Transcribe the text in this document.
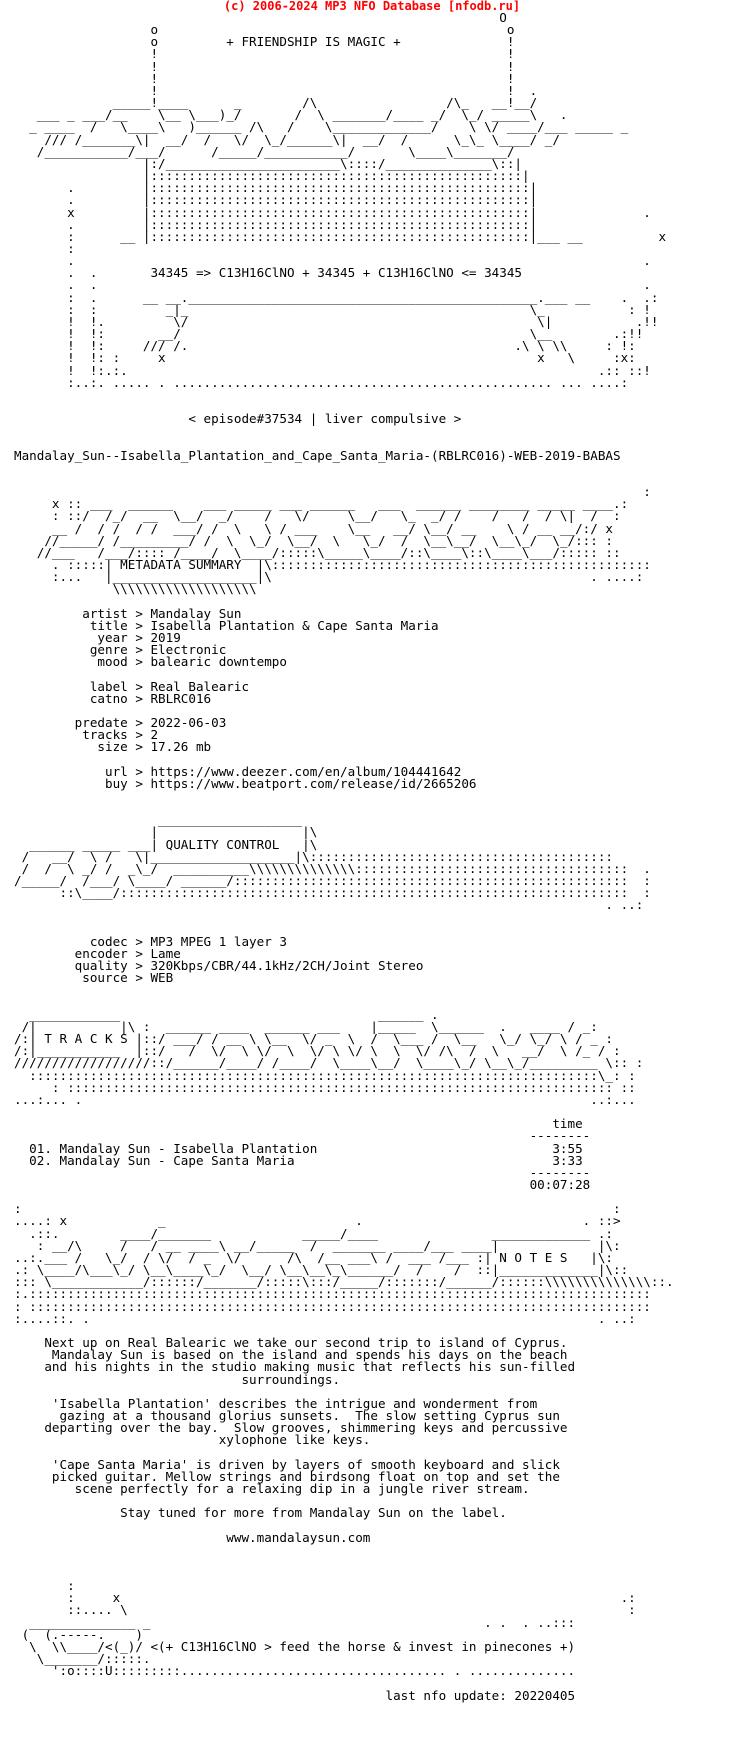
(c) 2006-2024 MP3 NFO Database [nfodb.ru]
O
o                                              o
o         + FRIENDSHIP IS MAGIC +              !
!                                              !
!                                              !
!                                              !
!                                              !  .
_____!____      _        /\                 /\_   __!__/
___ _ ___/__    \__ \___)_/       /  \ _______/____ _/  \_/ _____\   .
_ ____  /   \____\   )______ /\   /    \_____________/    \ \/ ____/___ _____ _
/// /_______\|  __/  /   \/  \_/______\|  __/  /      \_\_ \____/ _/
/___________/___/      /_____/___________/       \____\_______/
|:/_______________________\::::/______________\::|
|:::::::::::::::::::::::::::::::::::::::::::::::::|
.         |::::::::::::::::::::::::::::::::::::::::::::::::::|
.         |::::::::::::::::::::::::::::::::::::::::::::::::::|
x         |::::::::::::::::::::::::::::::::::::::::::::::::::|              .
.         |::::::::::::::::::::::::::::::::::::::::::::::::::|
:      __ |::::::::::::::::::::::::::::::::::::::::::::::::::|___ __          x
:
.                                                                           .
.  .       34345 => C13H16ClNO + 34345 + C13H16ClNO <= 34345
.  .                                                                        .
:  .      __ __.______________________________________________.___ __    .  .:
:  :         _|_                                             \_           : !
!  !.         \/                                              \|           .!!
!  !:       __/                                              \__        .:!!
!  !:     /// /.                                           .\ \ \\     : !:
!  !: :     x                                                 x   \     :x:
!  !:.:.                                                              .:: ::!
:..:. ..... . .................................................. ... ....:

< episode#37534 | liver compulsive >

Mandalay_Sun--Isabella_Plantation_and_Cape_Santa_Maria-(RBLRC016)-WEB-2019-BABAS

:
x :: ___  ______    ___ _____ ___ ______   ___  ______ ________ _____ ____.:
: ::/  /_/  __  \__/  _/    /   \/     \__/   \_  _/ /    /   /  / \|  /  :
__ /  / /  / /  ___/ /  \   \ / ___    \__   __/ \__/ __    \ / __ __/:/ x
//_____/ /_________/ /  \  \_/  \__/  \   \_/  /  \__\__/  \__\_/  \_/::: :
//___   /___/:::: /____/  \____/:::::\_____\____/::\____\::\____\___/::::: ::
. :::::| METADATA SUMMARY  |\::::::::::::::::::::::::::::::::::::::::::::::::::
:...   |___________________|\                                          . ....:
\\\\\\\\\\\\\\\\\\\

artist > Mandalay Sun
title > Isabella Plantation & Cape Santa Maria
year > 2019
genre > Electronic
mood > balearic downtempo

label > Real Balearic
catno > RBLRC016

predate > 2022-06-03
tracks > 2
size > 17.26 mb

url > https://www.deezer.com/en/album/104441642
buy > https://www.beatport.com/release/id/2665206

___________________
|                   |\
______ _____ ___| QUALITY CONTROL   |\
/   __/  \ /   \|___________________|\::::::::::::::::::::::::::::::::::::::::
/  /  \ _/ /  _\_/  __________\\\\\\\\\\\\\\::::::::::::::::::::::::::::::::::::  .
/_____/  /___/ \____/ ______/::::::::::::::::::::::::::::::::::::::::::::::::::::  :
::\____/:::::::::::::::::::::::::::::::::::::::::::::::::::::::::::::::::::  :
. ..:

codec > MP3 MPEG 1 layer 3
encoder > Lame
quality > 320Kbps/CBR/44.1kHz/2CH/Joint Stereo
source > WEB

____________                                  ______ .
/|           |\ :  ______ ____  ______ ___    |_____  \______  .   ____ / _:
/:| T R A C K S |::/ ___/ / __ \ \__  \/ _  \  /  \___ /  \__   \_/ \_/ \ / _ :
/:|___________  |::/   /  \/  \ \/  \  \/ \ \/ \  \  \/ /\  /  \   __/  \ /_ / :
//////////////////::/______/____/ /____/  \____\__/  \____\_/ \__\_/_________ \:: :
:::::::::::::::::::::::::::::::::::::::::::::::::::::::::::::::::::::::::::\_: :
: :::::::::::::::::::::::::::::::::::::::::::::::::::::::::::::::::::::::: ::
...:... .                                                                   ..:...

time
--------
01. Mandalay Sun - Isabella Plantation                               3:55
02. Mandalay Sun - Cape Santa Maria                                  3:33
--------
00:07:28

:                                                                              :
....: x            _                         .                             . ::>
.::.        ____/_______            _____/____               _____________ .:
: __/\     /   / __ ____\ __/_____  /  _______ ____/___ ____|             |\:
..:.___ /   \_/  / \/  / _  \/      /\  /__ ___\ /  ___ /___ :| N O T E S   |\:
.: \____/\___\_/ \__\____\_/  \__/ \__\__\_\______/  /    /  ::|_____________|\::
::: \____________/::::::/_______/:::::\:::/_____/:::::::/______/::::::\\\\\\\\\\\\\\::.
:.::::::::::::::::::::::::::::::::::::::::::::::::::::::::::::::::::::::::::::::::::
: ::::::::::::::::::::::::::::::::::::::::::::::::::::::::::::::::::::::::::::::::::
:....::. .                                                                   . ..:

Next up on Real Balearic we take our second trip to island of Cyprus.
Mandalay Sun is based on the island and spends his days on the beach
and his nights in the studio making music that reflects his sun-filled
surroundings.

'Isabella Plantation' describes the intrigue and wonderment from
gazing at a thousand glorius sunsets.  The slow setting Cyprus sun
departing over the bay.  Slow grooves, shimmering keys and percussive
xylophone like keys.

'Cape Santa Maria' is driven by layers of smooth keyboard and slick
picked guitar. Mellow strings and birdsong float on top and set the
scene perfectly for a relaxing dip in a jungle river stream.

Stay tuned for more from Mandalay Sun on the label.

www.mandalaysun.com

:
:     x                                                                  .:
::.... \                                                                  :
______________ _                                            . .  . ..:::
(  (.-----.    )
\  \\____/<(_)/ <(+ C13H16ClNO > feed the horse & invest in pinecones +)
\_______/:::::.
':o::::U:::::::::................................... . ..............

last nfo update: 20220405
